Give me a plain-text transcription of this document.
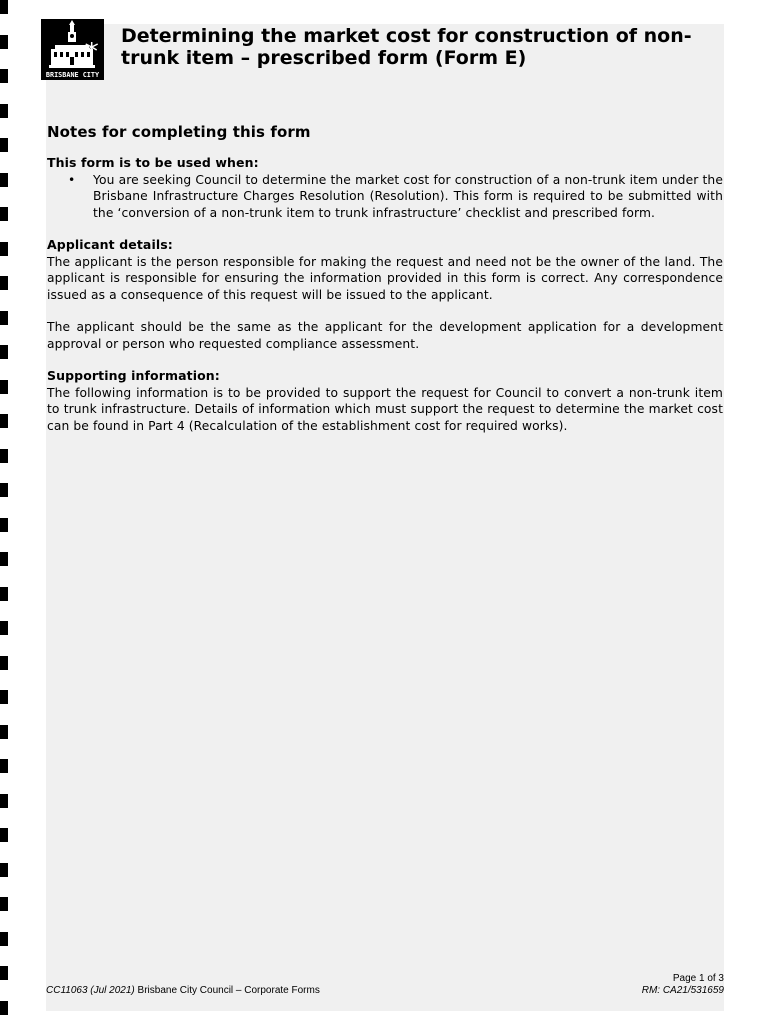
BRISBANE CITY
Determining the market cost for construction of non-trunk item – prescribed form (Form E)
Notes for completing this form
This form is to be used when:
• You are seeking Council to determine the market cost for construction of a non-trunk item under the Brisbane Infrastructure Charges Resolution (Resolution). This form is required to be submitted with the ‘conversion of a non-trunk item to trunk infrastructure’ checklist and prescribed form.
Applicant details:

The applicant is the person responsible for making the request and need not be the owner of the land. The applicant is responsible for ensuring the information provided in this form is correct. Any correspondence issued as a consequence of this request will be issued to the applicant.

The applicant should be the same as the applicant for the development application for a development approval or person who requested compliance assessment.

Supporting information:

The following information is to be provided to support the request for Council to convert a non-trunk item to trunk infrastructure. Details of information which must support the request to determine the market cost can be found in Part 4 (Recalculation of the establishment cost for required works).

CC11063 (Jul 2021) Brisbane City Council – Corporate Forms
Page 1 of 3
RM: CA21/531659
